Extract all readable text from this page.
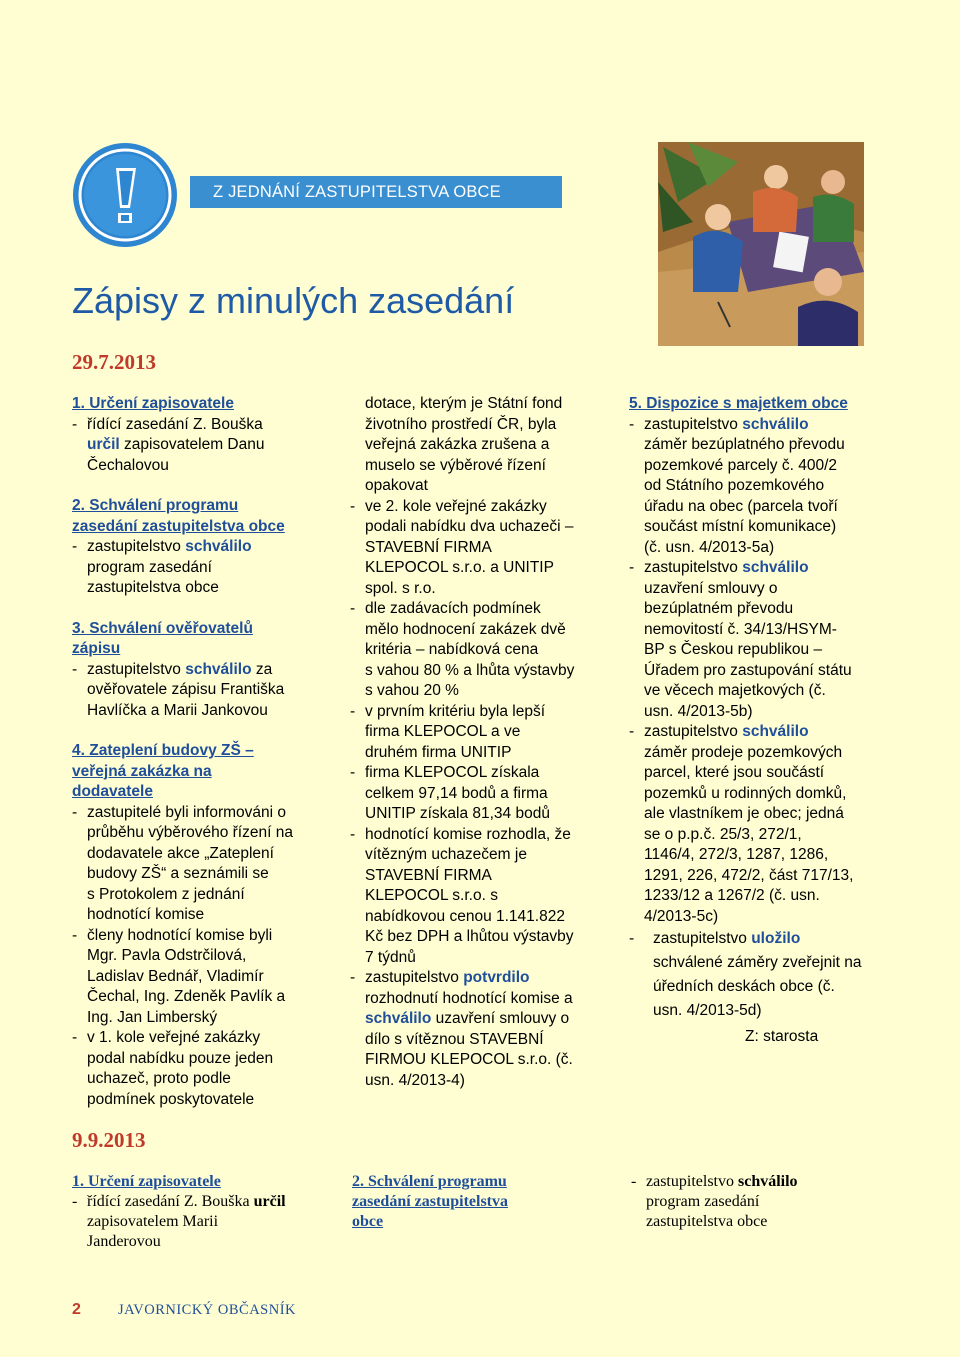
Z JEDNÁNÍ ZASTUPITELSTVA OBCE
Zápisy z minulých zasedání
29.7.2013
1. Určení zapisovatele
- řídící zasedání Z. Bouška
určil zapisovatelem Danu
Čechalovou
2. Schválení programu
zasedání zastupitelstva obce
- zastupitelstvo schválilo
program zasedání
zastupitelstva obce
3. Schválení ověřovatelů
zápisu
- zastupitelstvo schválilo za
ověřovatele zápisu Františka
Havlíčka a Marii Jankovou
4. Zateplení budovy ZŠ –
veřejná zakázka na
dodavatele
- zastupitelé byli informováni o
průběhu výběrového řízení na
dodavatele akce „Zateplení
budovy ZŠ“ a seznámili se
s Protokolem z jednání
hodnotící komise
- členy hodnotící komise byli
Mgr. Pavla Odstrčilová,
Ladislav Bednář, Vladimír
Čechal, Ing. Zdeněk Pavlík a
Ing. Jan Limberský
- v 1. kole veřejné zakázky
podal nabídku pouze jeden
uchazeč, proto podle
podmínek poskytovatele
dotace, kterým je Státní fond
životního prostředí ČR, byla
veřejná zakázka zrušena a
muselo se výběrové řízení
opakovat
- ve 2. kole veřejné zakázky
podali nabídku dva uchazeči –
STAVEBNÍ FIRMA
KLEPOCOL s.r.o. a UNITIP
spol. s r.o.
- dle zadávacích podmínek
mělo hodnocení zakázek dvě
kritéria – nabídková cena
s vahou 80 % a lhůta výstavby
s vahou 20 %
- v prvním kritériu byla lepší
firma KLEPOCOL a ve
druhém firma UNITIP
- firma KLEPOCOL získala
celkem 97,14 bodů a firma
UNITIP získala 81,34 bodů
- hodnotící komise rozhodla, že
vítězným uchazečem je
STAVEBNÍ FIRMA
KLEPOCOL s.r.o. s
nabídkovou cenou 1.141.822
Kč bez DPH a lhůtou výstavby
7 týdnů
- zastupitelstvo potvrdilo
rozhodnutí hodnotící komise a
schválilo uzavření smlouvy o
dílo s vítěznou STAVEBNÍ
FIRMOU KLEPOCOL s.r.o. (č.
usn. 4/2013-4)
5. Dispozice s majetkem obce
- zastupitelstvo schválilo
záměr bezúplatného převodu
pozemkové parcely č. 400/2
od Státního pozemkového
úřadu na obec (parcela tvoří
součást místní komunikace)
(č. usn. 4/2013-5a)
- zastupitelstvo schválilo
uzavření smlouvy o
bezúplatném převodu
nemovitostí č. 34/13/HSYM-
BP s Českou republikou –
Úřadem pro zastupování státu
ve věcech majetkových (č.
usn. 4/2013-5b)
- zastupitelstvo schválilo
záměr prodeje pozemkových
parcel, které jsou součástí
pozemků u rodinných domků,
ale vlastníkem je obec; jedná
se o p.p.č. 25/3, 272/1,
1146/4, 272/3, 1287, 1286,
1291, 226, 472/2, část 717/13,
1233/12 a 1267/2 (č. usn.
4/2013-5c)
- zastupitelstvo uložilo
schválené záměry zveřejnit na
úředních deskách obce (č.
usn. 4/2013-5d)
Z: starosta
9.9.2013
1. Určení zapisovatele
- řídící zasedání Z. Bouška určil
zapisovatelem Marii
Janderovou
2. Schválení programu
zasedání zastupitelstva
obce
- zastupitelstvo schválilo
program zasedání
zastupitelstva obce
2	JAVORNICKÝ OBČASNÍK
